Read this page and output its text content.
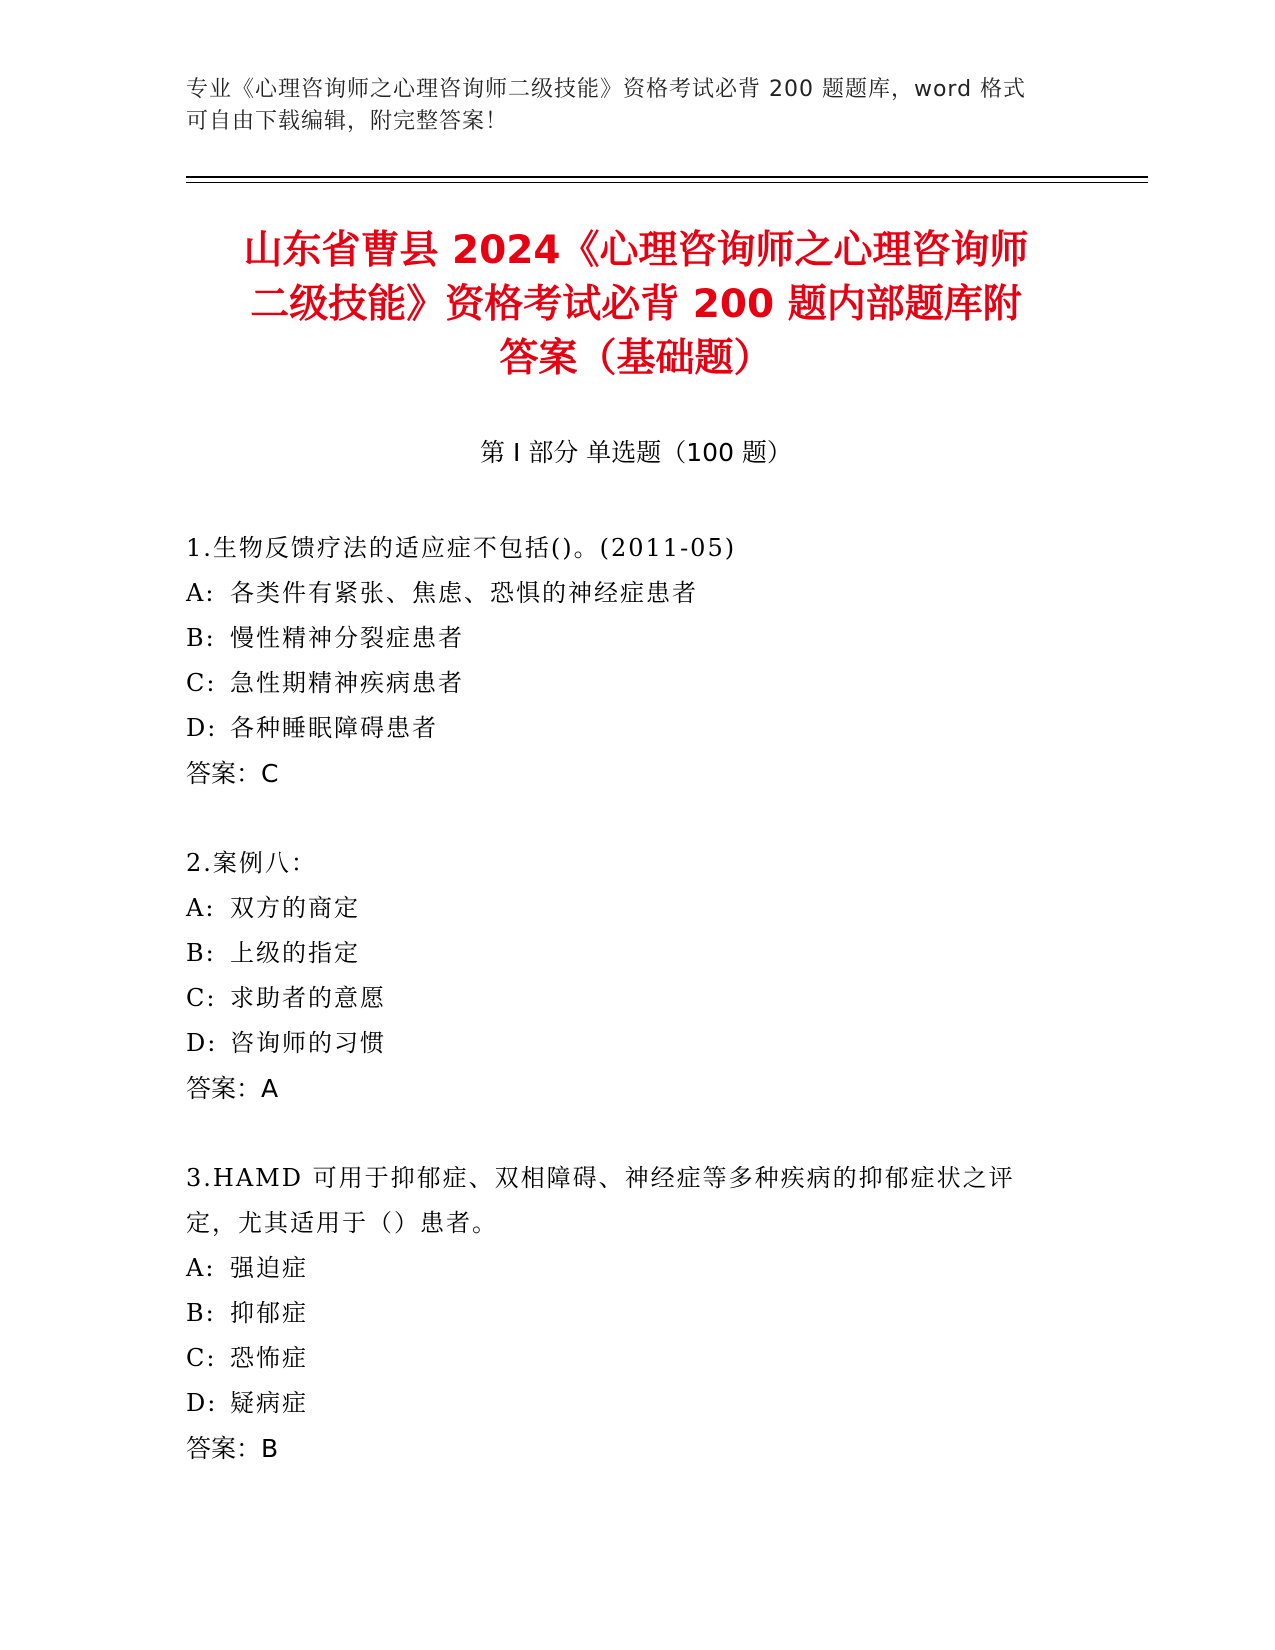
专业《心理咨询师之心理咨询师二级技能》资格考试必背 200 题题库，word 格式
可自由下载编辑，附完整答案！
山东省曹县 2024《心理咨询师之心理咨询师
二级技能》资格考试必背 200 题内部题库附
答案（基础题）
第 I 部分 单选题（100 题）
1.生物反馈疗法的适应症不包括()。(2011-05)
A: 各类件有紧张、焦虑、恐惧的神经症患者
B: 慢性精神分裂症患者
C: 急性期精神疾病患者
D: 各种睡眠障碍患者
答案：C
2.案例八：
A: 双方的商定
B: 上级的指定
C: 求助者的意愿
D: 咨询师的习惯
答案：A
3.HAMD 可用于抑郁症、双相障碍、神经症等多种疾病的抑郁症状之评
定，尤其适用于（）患者。
A: 强迫症
B: 抑郁症
C: 恐怖症
D: 疑病症
答案：B
